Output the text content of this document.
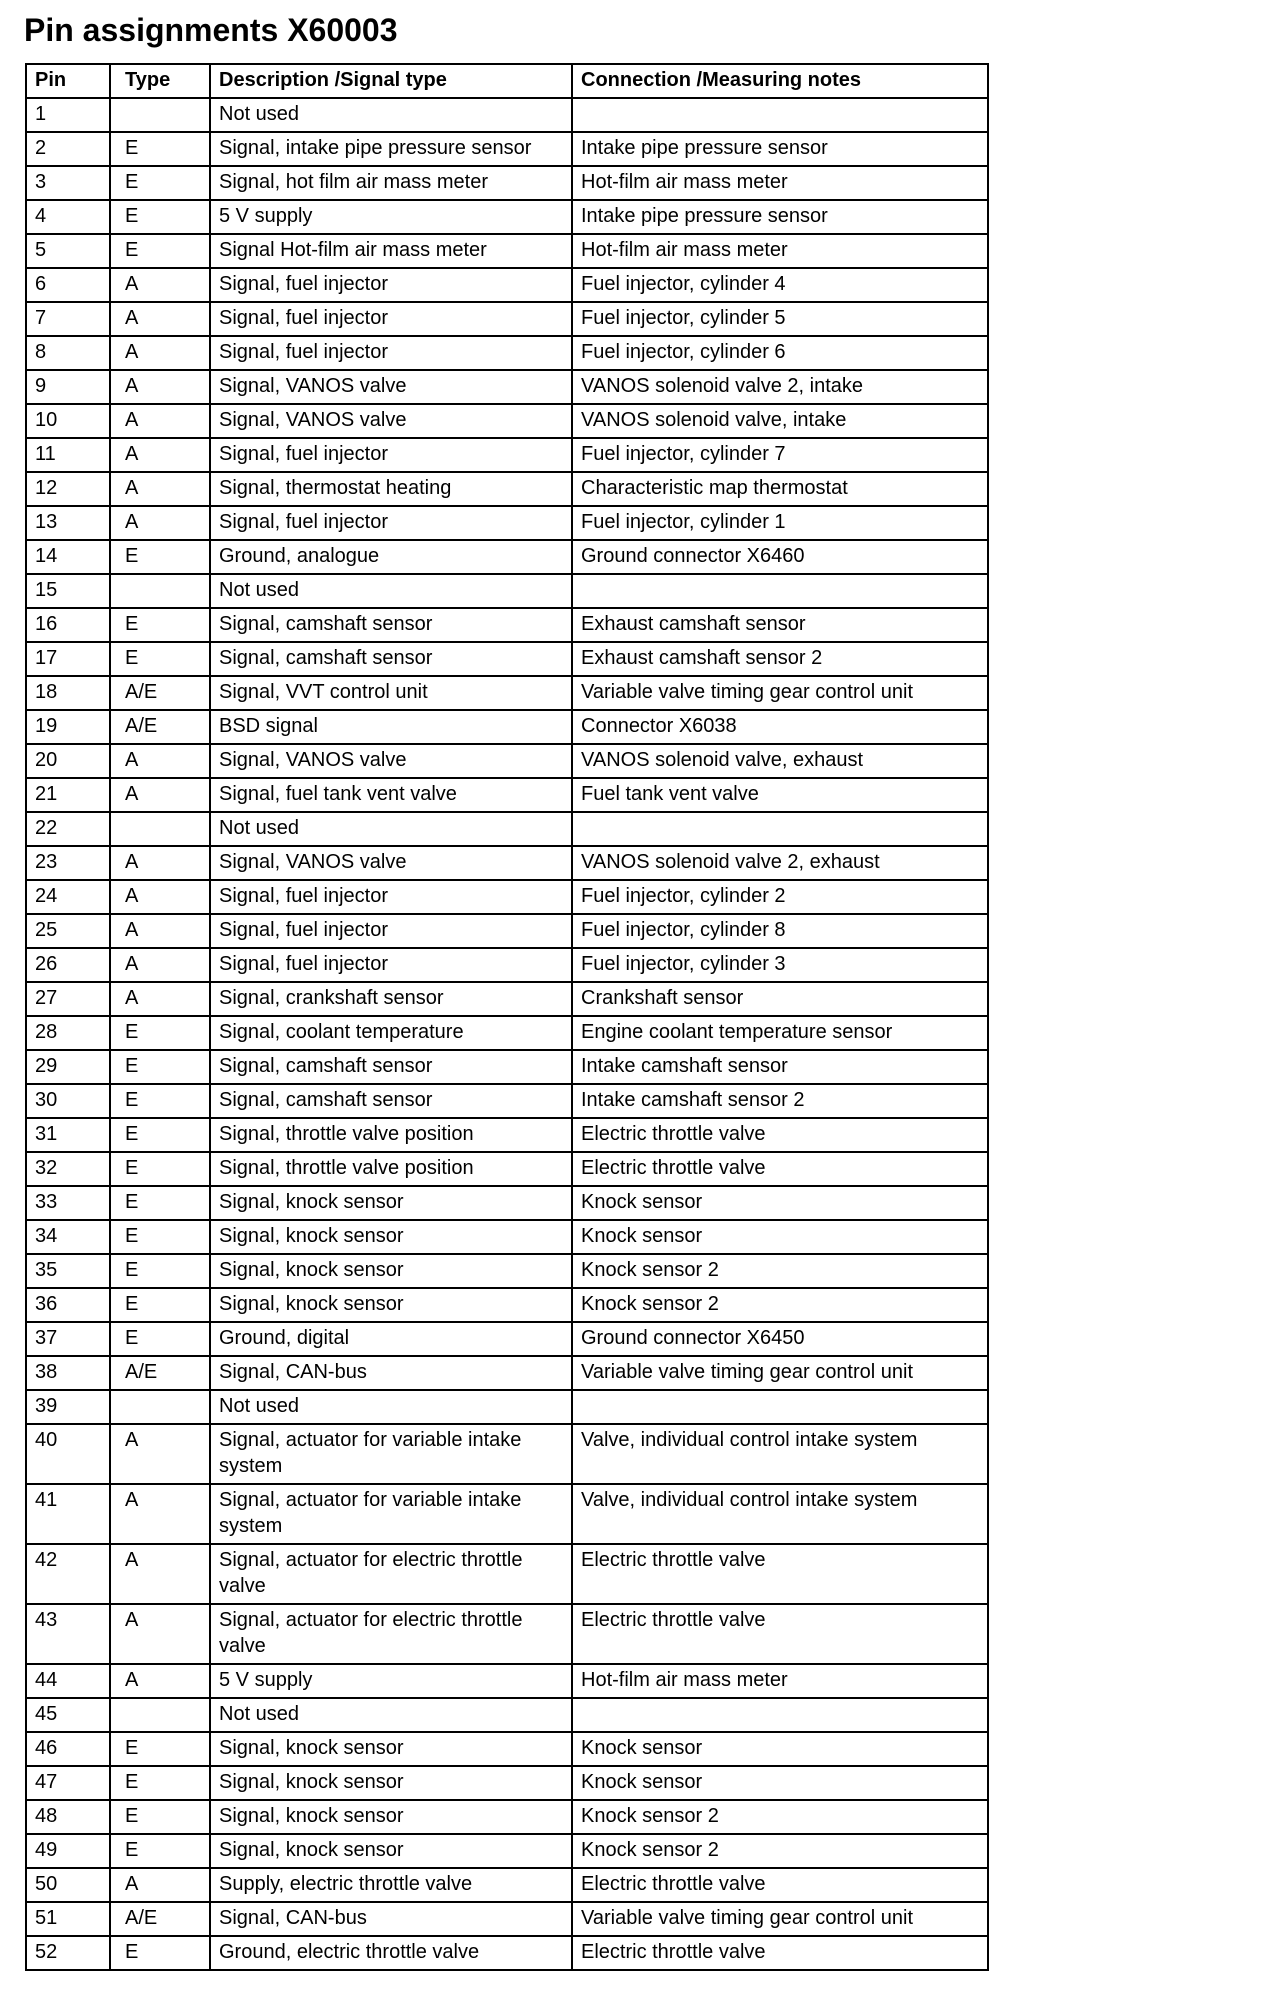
Pin assignments X60003
Pin	Type	Description /Signal type	Connection /Measuring notes
1		Not used	
2	E	Signal, intake pipe pressure sensor	Intake pipe pressure sensor
3	E	Signal, hot film air mass meter	Hot-film air mass meter
4	E	5 V supply	Intake pipe pressure sensor
5	E	Signal Hot-film air mass meter	Hot-film air mass meter
6	A	Signal, fuel injector	Fuel injector, cylinder 4
7	A	Signal, fuel injector	Fuel injector, cylinder 5
8	A	Signal, fuel injector	Fuel injector, cylinder 6
9	A	Signal, VANOS valve	VANOS solenoid valve 2, intake
10	A	Signal, VANOS valve	VANOS solenoid valve, intake
11	A	Signal, fuel injector	Fuel injector, cylinder 7
12	A	Signal, thermostat heating	Characteristic map thermostat
13	A	Signal, fuel injector	Fuel injector, cylinder 1
14	E	Ground, analogue	Ground connector X6460
15		Not used	
16	E	Signal, camshaft sensor	Exhaust camshaft sensor
17	E	Signal, camshaft sensor	Exhaust camshaft sensor 2
18	A/E	Signal, VVT control unit	Variable valve timing gear control unit
19	A/E	BSD signal	Connector X6038
20	A	Signal, VANOS valve	VANOS solenoid valve, exhaust
21	A	Signal, fuel tank vent valve	Fuel tank vent valve
22		Not used	
23	A	Signal, VANOS valve	VANOS solenoid valve 2, exhaust
24	A	Signal, fuel injector	Fuel injector, cylinder 2
25	A	Signal, fuel injector	Fuel injector, cylinder 8
26	A	Signal, fuel injector	Fuel injector, cylinder 3
27	A	Signal, crankshaft sensor	Crankshaft sensor
28	E	Signal, coolant temperature	Engine coolant temperature sensor
29	E	Signal, camshaft sensor	Intake camshaft sensor
30	E	Signal, camshaft sensor	Intake camshaft sensor 2
31	E	Signal, throttle valve position	Electric throttle valve
32	E	Signal, throttle valve position	Electric throttle valve
33	E	Signal, knock sensor	Knock sensor
34	E	Signal, knock sensor	Knock sensor
35	E	Signal, knock sensor	Knock sensor 2
36	E	Signal, knock sensor	Knock sensor 2
37	E	Ground, digital	Ground connector X6450
38	A/E	Signal, CAN-bus	Variable valve timing gear control unit
39		Not used	
40	A	Signal, actuator for variable intake system	Valve, individual control intake system
41	A	Signal, actuator for variable intake system	Valve, individual control intake system
42	A	Signal, actuator for electric throttle valve	Electric throttle valve
43	A	Signal, actuator for electric throttle valve	Electric throttle valve
44	A	5 V supply	Hot-film air mass meter
45		Not used	
46	E	Signal, knock sensor	Knock sensor
47	E	Signal, knock sensor	Knock sensor
48	E	Signal, knock sensor	Knock sensor 2
49	E	Signal, knock sensor	Knock sensor 2
50	A	Supply, electric throttle valve	Electric throttle valve
51	A/E	Signal, CAN-bus	Variable valve timing gear control unit
52	E	Ground, electric throttle valve	Electric throttle valve
